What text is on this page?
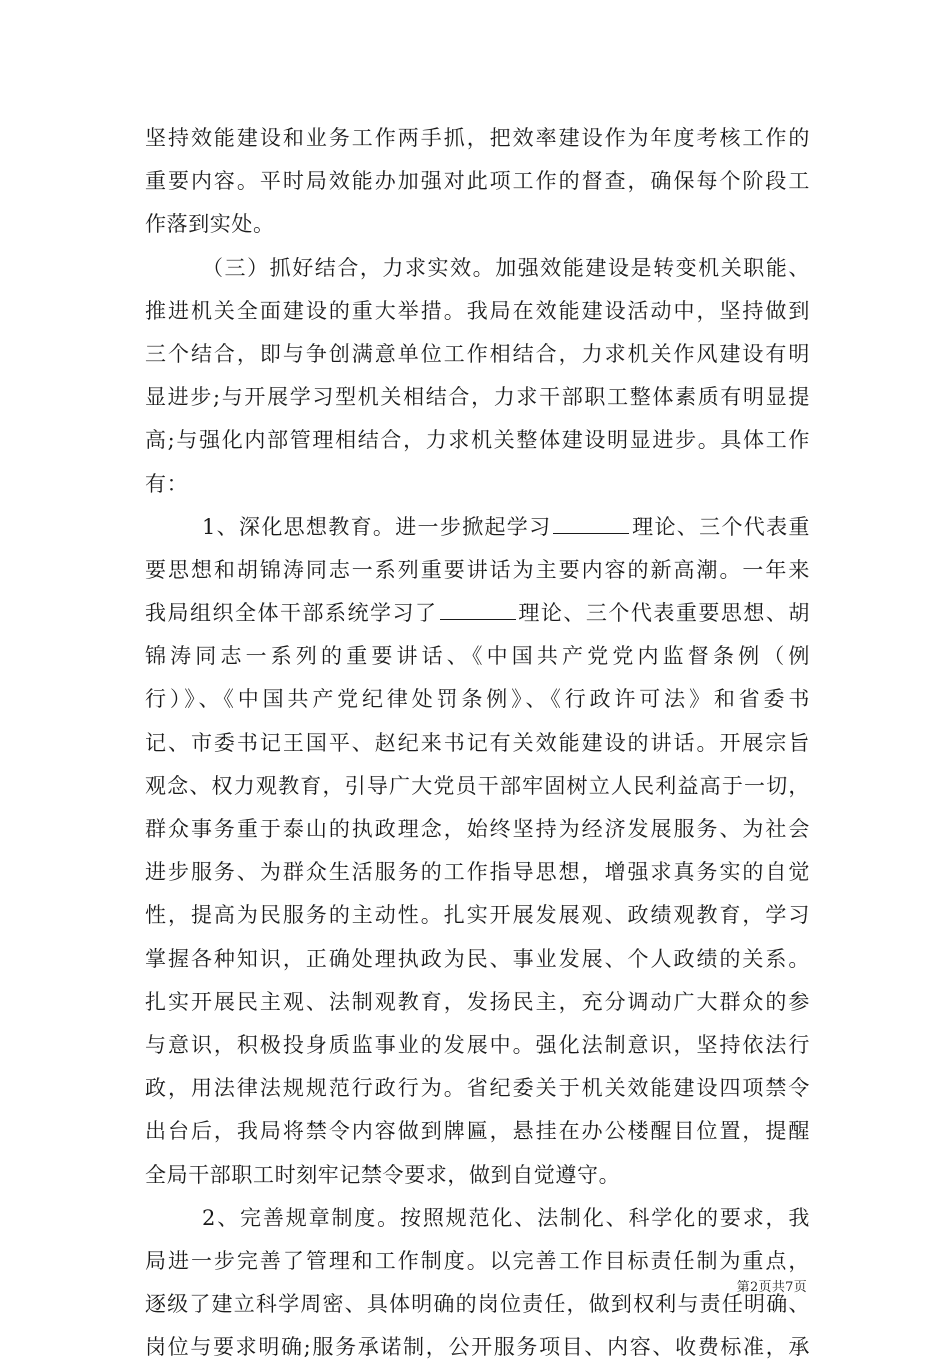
坚持效能建设和业务工作两手抓，把效率建设作为年度考核工作的
重要内容。平时局效能办加强对此项工作的督查，确保每个阶段工
作落到实处。
（三）抓好结合，力求实效。加强效能建设是转变机关职能、
推进机关全面建设的重大举措。我局在效能建设活动中，坚持做到
三个结合，即与争创满意单位工作相结合，力求机关作风建设有明
显进步;与开展学习型机关相结合，力求干部职工整体素质有明显提
高;与强化内部管理相结合，力求机关整体建设明显进步。具体工作
有：
1、深化思想教育。进一步掀起学习	理论、三个代表重
要思想和胡锦涛同志一系列重要讲话为主要内容的新高潮。一年来
我局组织全体干部系统学习了	理论、三个代表重要思想、胡
锦涛同志一系列的重要讲话、《中国共产党党内监督条例（例
行）》、《中国共产党纪律处罚条例》、《行政许可法》和省委书
记、市委书记王国平、赵纪来书记有关效能建设的讲话。开展宗旨
观念、权力观教育，引导广大党员干部牢固树立人民利益高于一切，
群众事务重于泰山的执政理念，始终坚持为经济发展服务、为社会
进步服务、为群众生活服务的工作指导思想，增强求真务实的自觉
性，提高为民服务的主动性。扎实开展发展观、政绩观教育，学习
掌握各种知识，正确处理执政为民、事业发展、个人政绩的关系。
扎实开展民主观、法制观教育，发扬民主，充分调动广大群众的参
与意识，积极投身质监事业的发展中。强化法制意识，坚持依法行
政，用法律法规规范行政行为。省纪委关于机关效能建设四项禁令
出台后，我局将禁令内容做到牌匾，悬挂在办公楼醒目位置，提醒
全局干部职工时刻牢记禁令要求，做到自觉遵守。
2、完善规章制度。按照规范化、法制化、科学化的要求，我
局进一步完善了管理和工作制度。以完善工作目标责任制为重点，
逐级了建立科学周密、具体明确的岗位责任，做到权利与责任明确、
岗位与要求明确;服务承诺制，公开服务项目、内容、收费标准，承
第2页共7页
